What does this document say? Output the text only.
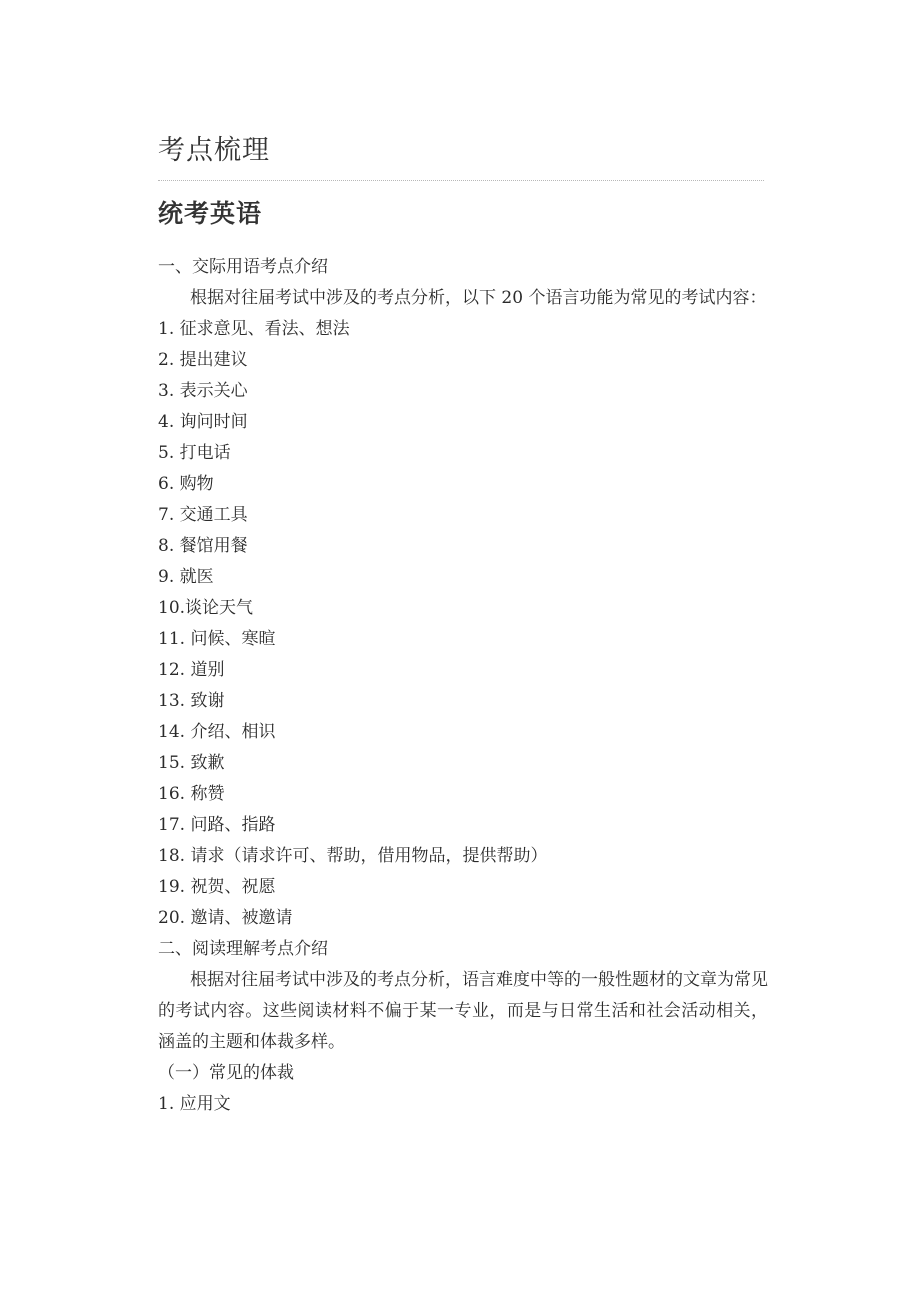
考点梳理
统考英语
一、交际用语考点介绍
根据对往届考试中涉及的考点分析，以下 20 个语言功能为常见的考试内容：
1. 征求意见、看法、想法
2. 提出建议
3. 表示关心
4. 询问时间
5. 打电话
6. 购物
7. 交通工具
8. 餐馆用餐
9. 就医
10.谈论天气
11. 问候、寒暄
12. 道别
13. 致谢
14. 介绍、相识
15. 致歉
16. 称赞
17. 问路、指路
18. 请求（请求许可、帮助，借用物品，提供帮助）
19. 祝贺、祝愿
20. 邀请、被邀请
二、阅读理解考点介绍
根据对往届考试中涉及的考点分析，语言难度中等的一般性题材的文章为常见的考试内容。这些阅读材料不偏于某一专业，而是与日常生活和社会活动相关，涵盖的主题和体裁多样。
（一）常见的体裁
1. 应用文
